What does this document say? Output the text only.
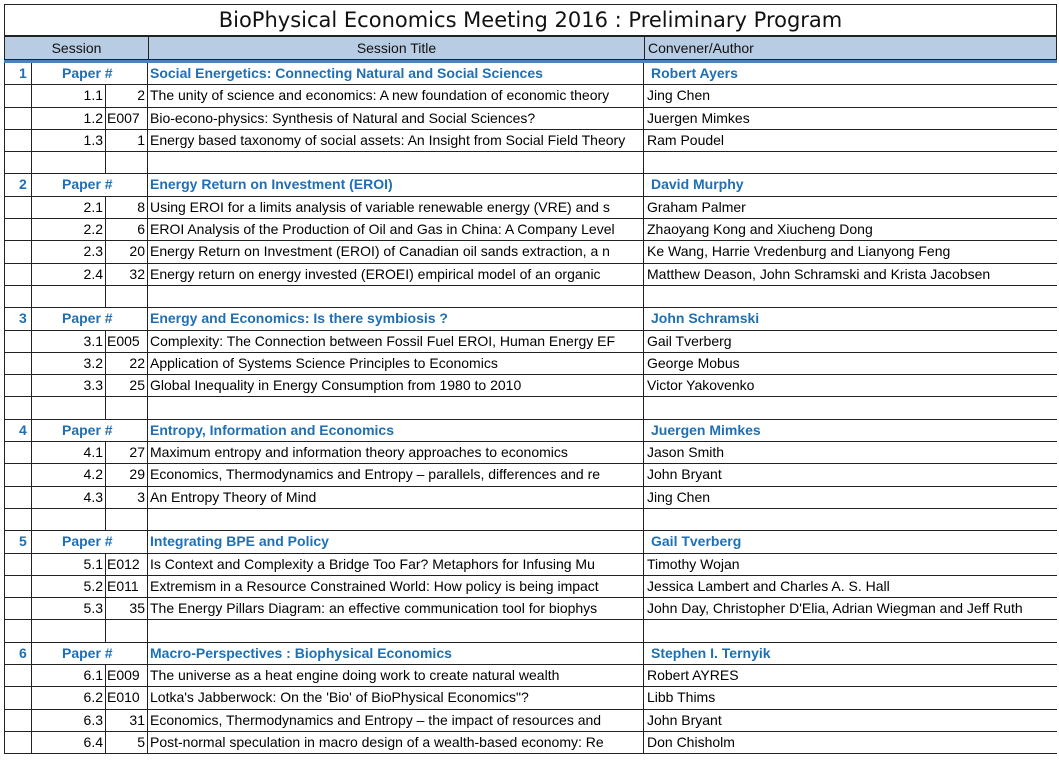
BioPhysical Economics Meeting 2016 : Preliminary Program
Session	Session Title	Convener/Author
1	Paper #	Social Energetics: Connecting Natural and Social Sciences	Robert Ayers
1.1	2 The unity of science and economics: A new foundation of economic theory	Jing Chen
1.2 E007 Bio-econo-physics: Synthesis of Natural and Social Sciences?	Juergen Mimkes
1.3	1 Energy based taxonomy of social assets: An Insight from Social Field Theory	Ram Poudel
2	Paper #	Energy Return on Investment (EROI)	David Murphy
2.1	8 Using EROI for a limits analysis of variable renewable energy (VRE) and s	Graham Palmer
2.2	6 EROI Analysis of the Production of Oil and Gas in China: A Company Level	Zhaoyang Kong and Xiucheng Dong
2.3	20 Energy Return on Investment (EROI) of Canadian oil sands extraction, a n	Ke Wang, Harrie Vredenburg and Lianyong Feng
2.4	32 Energy return on energy invested (EROEI) empirical model of an organic	Matthew Deason, John Schramski and Krista Jacobsen
3	Paper #	Energy and Economics: Is there symbiosis ?	John Schramski
3.1 E005 Complexity: The Connection between Fossil Fuel EROI, Human Energy EF	Gail Tverberg
3.2	22 Application of Systems Science Principles to Economics	George Mobus
3.3	25 Global Inequality in Energy Consumption from 1980 to 2010	Victor Yakovenko
4	Paper #	Entropy, Information and Economics	Juergen Mimkes
4.1	27 Maximum entropy and information theory approaches to economics	Jason Smith
4.2	29 Economics, Thermodynamics and Entropy – parallels, differences and re	John Bryant
4.3	3 An Entropy Theory of Mind	Jing Chen
5	Paper #	Integrating BPE and Policy	Gail Tverberg
5.1 E012 Is Context and Complexity a Bridge Too Far? Metaphors for Infusing Mu	Timothy Wojan
5.2 E011 Extremism in a Resource Constrained World: How policy is being impact	Jessica Lambert and Charles A. S. Hall
5.3	35 The Energy Pillars Diagram: an effective communication tool for biophys	John Day, Christopher D'Elia, Adrian Wiegman and Jeff Ruth
6	Paper #	Macro-Perspectives : Biophysical Economics	Stephen I. Ternyik
6.1 E009 The universe as a heat engine doing work to create natural wealth	Robert AYRES
6.2 E010 Lotka's Jabberwock: On the 'Bio' of BioPhysical Economics"?	Libb Thims
6.3	31 Economics, Thermodynamics and Entropy – the impact of resources and	John Bryant
6.4	5 Post-normal speculation in macro design of a wealth-based economy: Re	Don Chisholm
